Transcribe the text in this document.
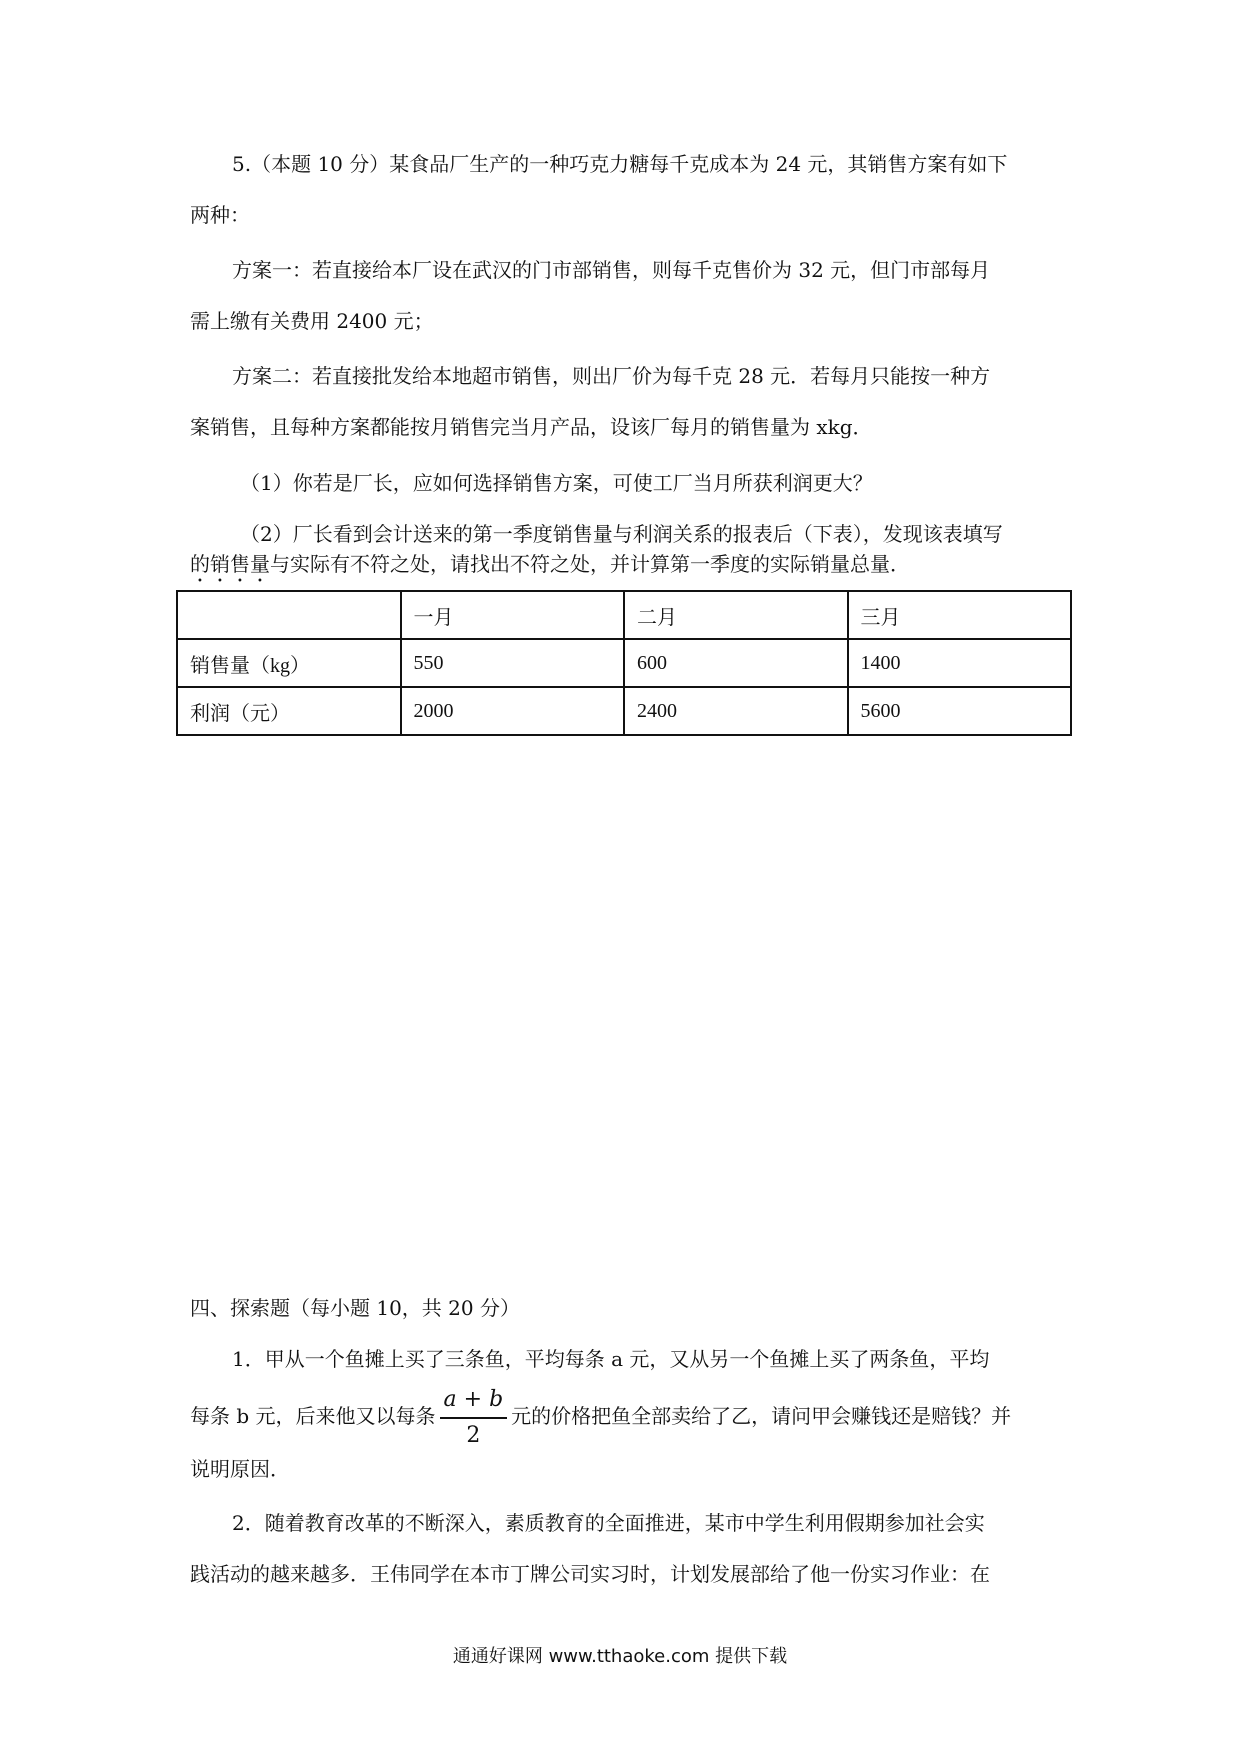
5.（本题 10 分）某食品厂生产的一种巧克力糖每千克成本为 24 元，其销售方案有如下
两种：
方案一：若直接给本厂设在武汉的门市部销售，则每千克售价为 32 元，但门市部每月
需上缴有关费用 2400 元；
方案二：若直接批发给本地超市销售，则出厂价为每千克 28 元．若每月只能按一种方
案销售，且每种方案都能按月销售完当月产品，设该厂每月的销售量为 xkg．
（1）你若是厂长，应如何选择销售方案，可使工厂当月所获利润更大？
（2）厂长看到会计送来的第一季度销售量与利润关系的报表后（下表），发现该表填写
的销售量与实际有不符之处，请找出不符之处，并计算第一季度的实际销量总量．
	一月	二月	三月
销售量（kg）	550	600	1400
利润（元）	2000	2400	5600
四、探索题（每小题 10，共 20 分）
1．甲从一个鱼摊上买了三条鱼，平均每条 a 元，又从另一个鱼摊上买了两条鱼，平均
每条 b 元，后来他又以每条 $\frac{a + b}{2}$ 元的价格把鱼全部卖给了乙，请问甲会赚钱还是赔钱？并
说明原因．
2．随着教育改革的不断深入，素质教育的全面推进，某市中学生利用假期参加社会实
践活动的越来越多．王伟同学在本市丁牌公司实习时，计划发展部给了他一份实习作业：在
通通好课网 www.tthaoke.com 提供下载
